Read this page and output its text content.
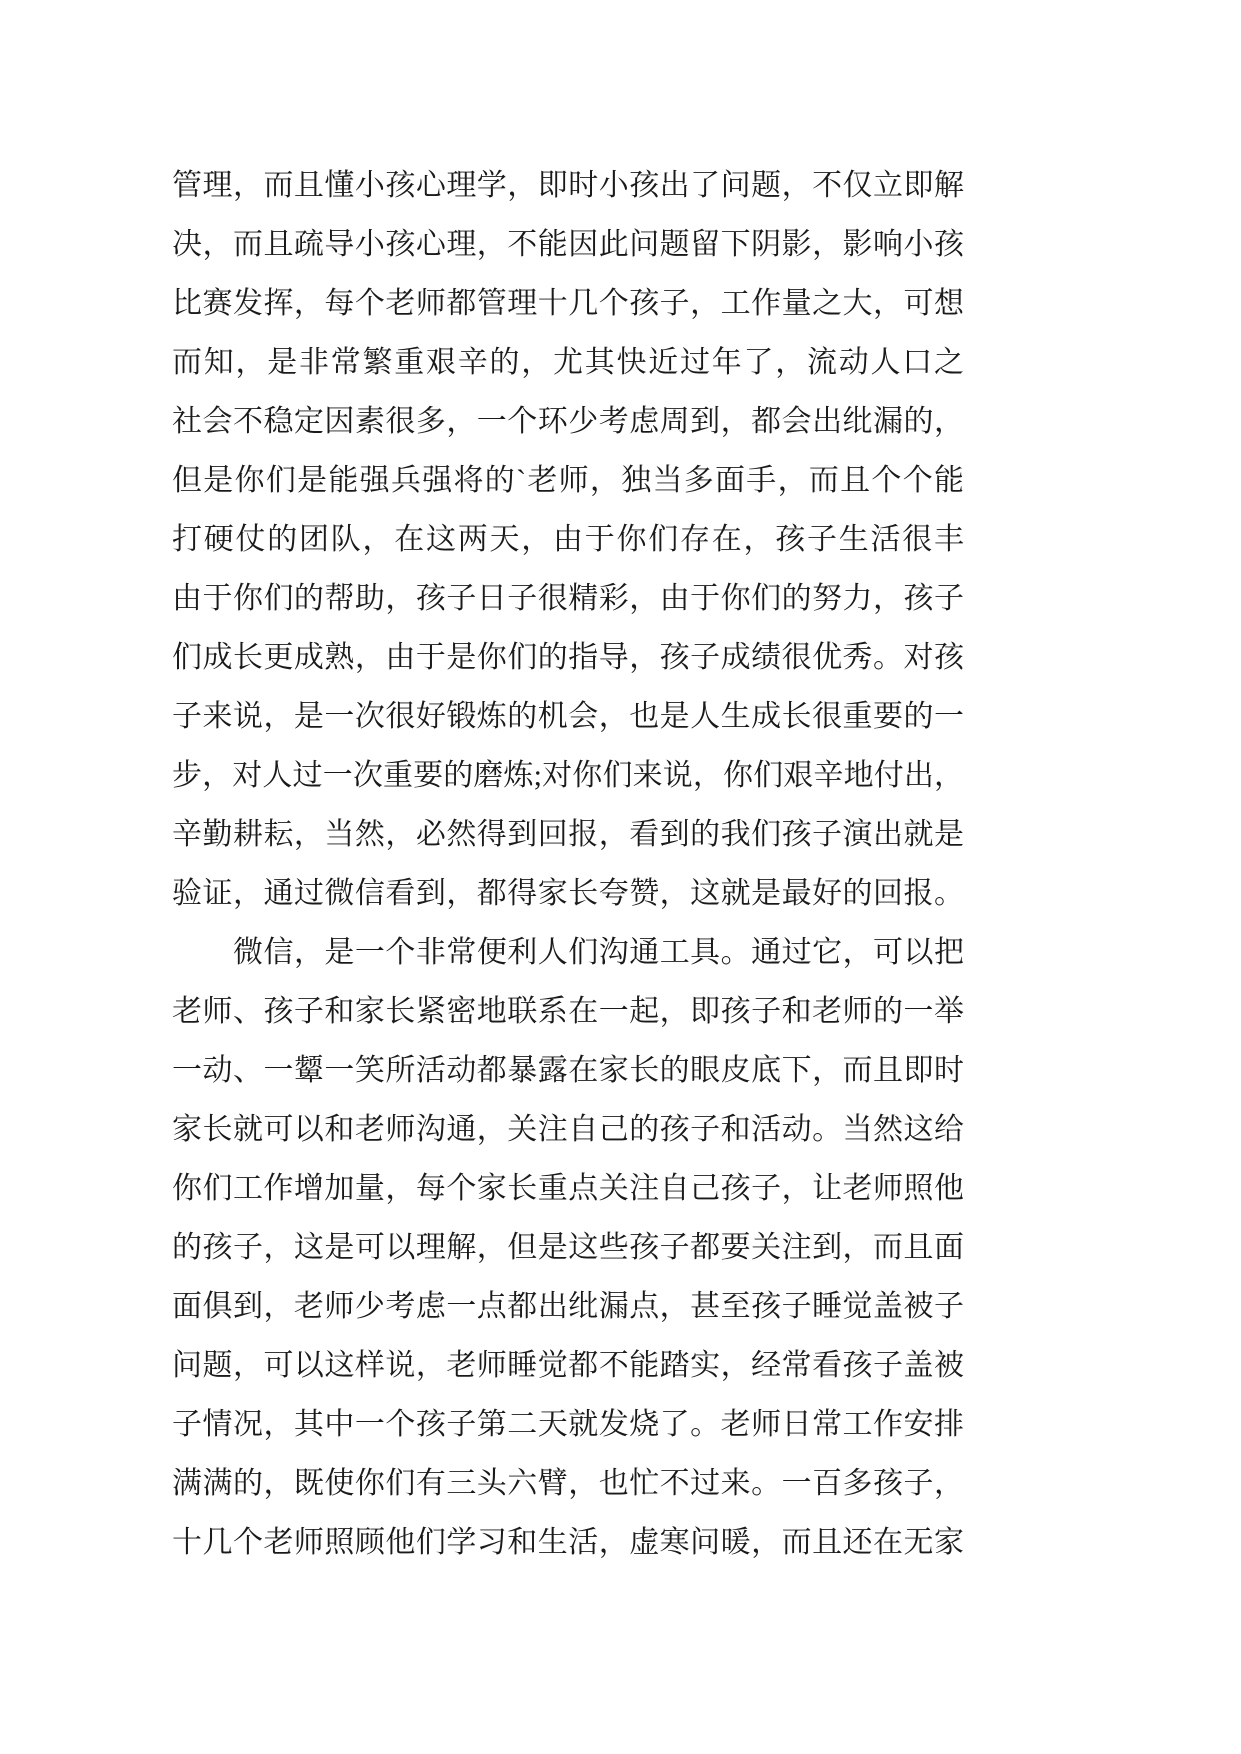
管理，而且懂小孩心理学，即时小孩出了问题，不仅立即解
决，而且疏导小孩心理，不能因此问题留下阴影，影响小孩
比赛发挥，每个老师都管理十几个孩子，工作量之大，可想
而知，是非常繁重艰辛的，尤其快近过年了，流动人口之
社会不稳定因素很多，一个环少考虑周到，都会出纰漏的，
但是你们是能强兵强将的`老师，独当多面手，而且个个能
打硬仗的团队，在这两天，由于你们存在，孩子生活很丰
由于你们的帮助，孩子日子很精彩，由于你们的努力，孩子
们成长更成熟，由于是你们的指导，孩子成绩很优秀。对孩
子来说，是一次很好锻炼的机会，也是人生成长很重要的一
步，对人过一次重要的磨炼;对你们来说，你们艰辛地付出，
辛勤耕耘，当然，必然得到回报，看到的我们孩子演出就是
验证，通过微信看到，都得家长夸赞，这就是最好的回报。
微信，是一个非常便利人们沟通工具。通过它，可以把
老师、孩子和家长紧密地联系在一起，即孩子和老师的一举
一动、一颦一笑所活动都暴露在家长的眼皮底下，而且即时
家长就可以和老师沟通，关注自己的孩子和活动。当然这给
你们工作增加量，每个家长重点关注自己孩子，让老师照他
的孩子，这是可以理解，但是这些孩子都要关注到，而且面
面俱到，老师少考虑一点都出纰漏点，甚至孩子睡觉盖被子
问题，可以这样说，老师睡觉都不能踏实，经常看孩子盖被
子情况，其中一个孩子第二天就发烧了。老师日常工作安排
满满的，既使你们有三头六臂，也忙不过来。一百多孩子，
十几个老师照顾他们学习和生活，虚寒问暖，而且还在无家
